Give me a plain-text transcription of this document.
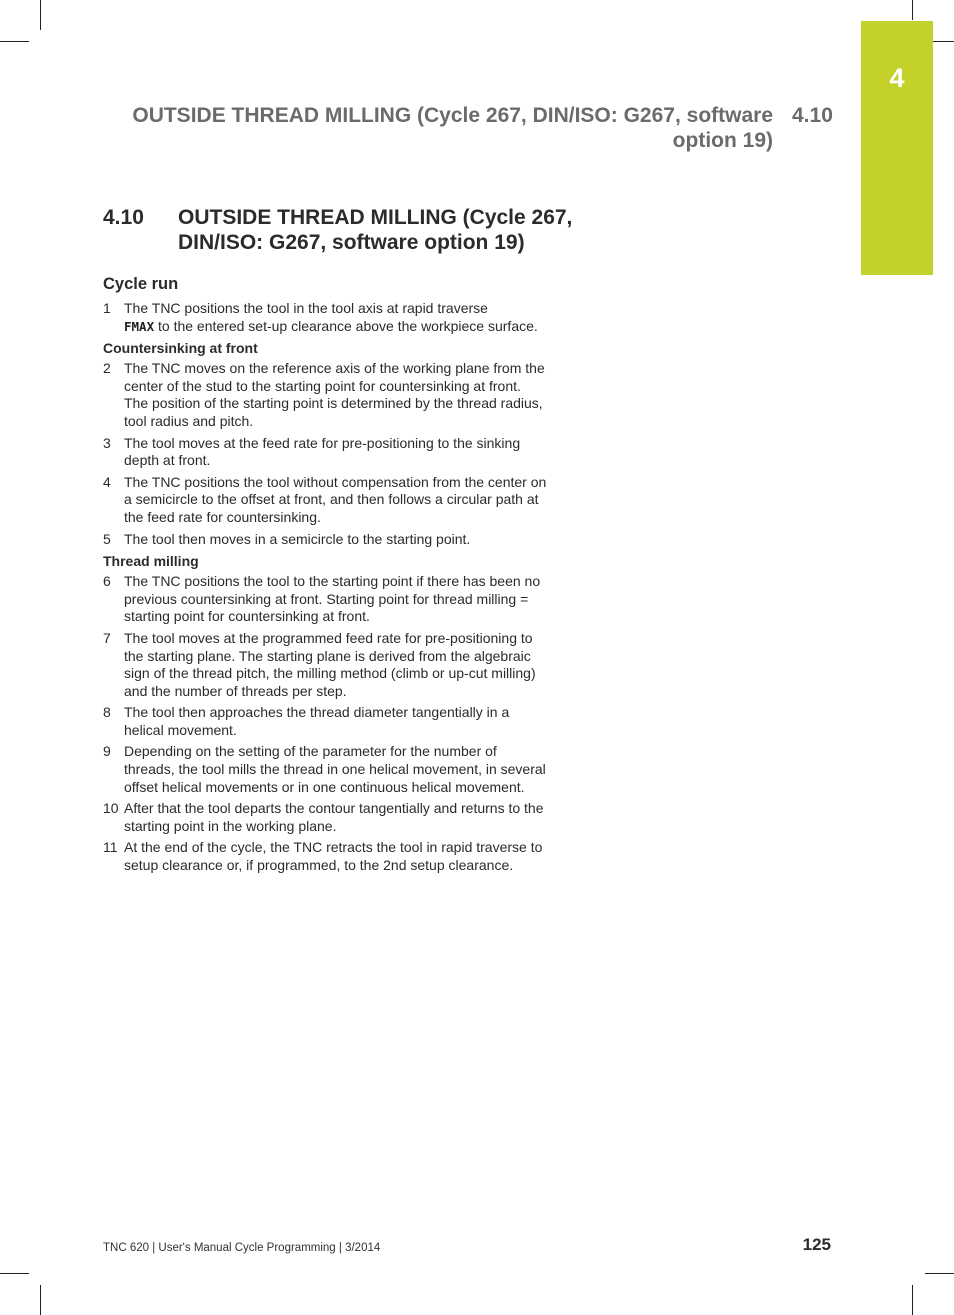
4
OUTSIDE THREAD MILLING (Cycle 267, DIN/ISO: G267, software option 19)
4.10
4.10 OUTSIDE THREAD MILLING (Cycle 267, DIN/ISO: G267, software option 19)
Cycle run
1 The TNC positions the tool in the tool axis at rapid traverse
FMAX to the entered set-up clearance above the workpiece surface.
Countersinking at front
2 The TNC moves on the reference axis of the working plane from the center of the stud to the starting point for countersinking at front. The position of the starting point is determined by the thread radius, tool radius and pitch.
3 The tool moves at the feed rate for pre-positioning to the sinking depth at front.
4 The TNC positions the tool without compensation from the center on a semicircle to the offset at front, and then follows a circular path at the feed rate for countersinking.
5 The tool then moves in a semicircle to the starting point.
Thread milling
6 The TNC positions the tool to the starting point if there has been no previous countersinking at front. Starting point for thread milling = starting point for countersinking at front.
7 The tool moves at the programmed feed rate for pre-positioning to the starting plane. The starting plane is derived from the algebraic sign of the thread pitch, the milling method (climb or up-cut milling) and the number of threads per step.
8 The tool then approaches the thread diameter tangentially in a helical movement.
9 Depending on the setting of the parameter for the number of threads, the tool mills the thread in one helical movement, in several offset helical movements or in one continuous helical movement.
10 After that the tool departs the contour tangentially and returns to the starting point in the working plane.
11 At the end of the cycle, the TNC retracts the tool in rapid traverse to setup clearance or, if programmed, to the 2nd setup clearance.
TNC 620 | User's Manual Cycle Programming | 3/2014	125
